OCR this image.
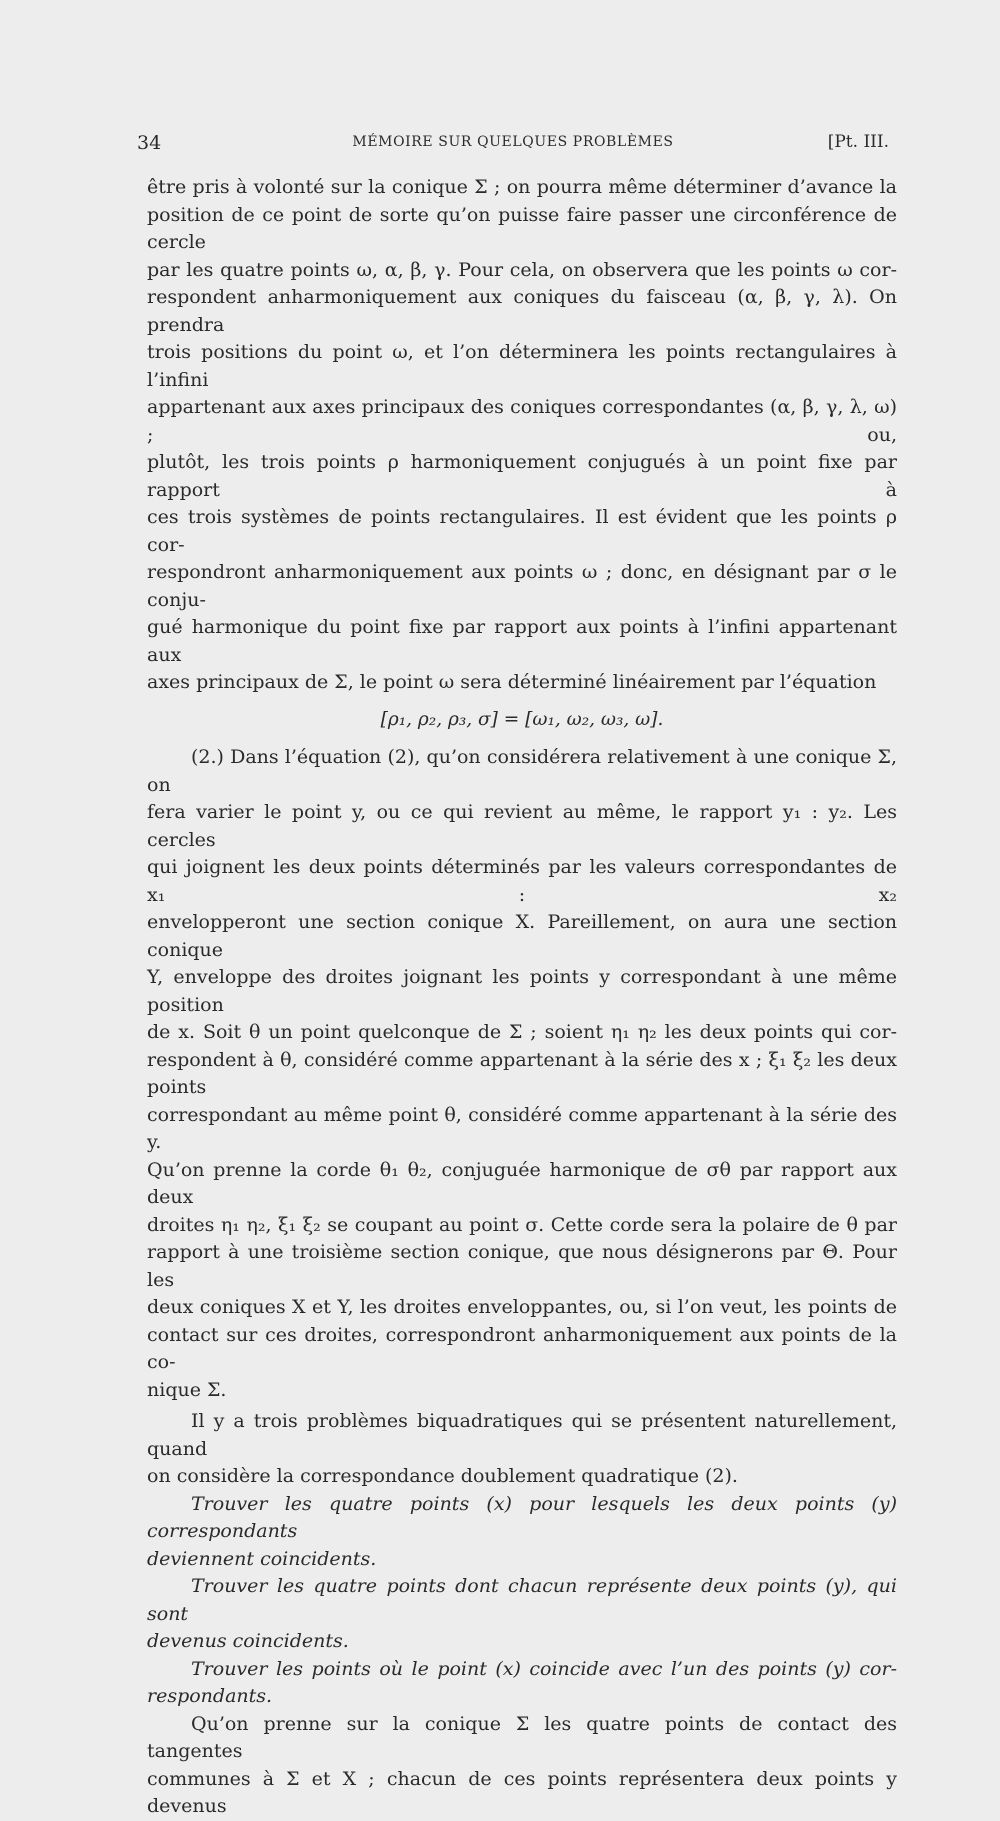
34	MÉMOIRE SUR QUELQUES PROBLÈMES	[Pt. III.
être pris à volonté sur la conique Σ ; on pourra même déterminer d’avance la
position de ce point de sorte qu’on puisse faire passer une circonférence de cercle
par les quatre points ω, α, β, γ. Pour cela, on observera que les points ω cor-
respondent anharmoniquement aux coniques du faisceau (α, β, γ, λ). On prendra
trois positions du point ω, et l’on déterminera les points rectangulaires à l’infini
appartenant aux axes principaux des coniques correspondantes (α, β, γ, λ, ω) ; ou,
plutôt, les trois points ρ harmoniquement conjugués à un point fixe par rapport à
ces trois systèmes de points rectangulaires. Il est évident que les points ρ cor-
respondront anharmoniquement aux points ω ; donc, en désignant par σ le conju-
gué harmonique du point fixe par rapport aux points à l’infini appartenant aux
axes principaux de Σ, le point ω sera déterminé linéairement par l’équation
[ρ₁, ρ₂, ρ₃, σ] = [ω₁, ω₂, ω₃, ω].
(2.) Dans l’équation (2), qu’on considérera relativement à une conique Σ, on
fera varier le point y, ou ce qui revient au même, le rapport y₁ : y₂. Les cercles
qui joignent les deux points déterminés par les valeurs correspondantes de x₁ : x₂
envelopperont une section conique X. Pareillement, on aura une section conique
Y, enveloppe des droites joignant les points y correspondant à une même position
de x. Soit θ un point quelconque de Σ ; soient η₁ η₂ les deux points qui cor-
respondent à θ, considéré comme appartenant à la série des x ; ξ₁ ξ₂ les deux points
correspondant au même point θ, considéré comme appartenant à la série des y.
Qu’on prenne la corde θ₁ θ₂, conjuguée harmonique de σθ par rapport aux deux
droites η₁ η₂, ξ₁ ξ₂ se coupant au point σ. Cette corde sera la polaire de θ par
rapport à une troisième section conique, que nous désignerons par Θ. Pour les
deux coniques X et Y, les droites enveloppantes, ou, si l’on veut, les points de
contact sur ces droites, correspondront anharmoniquement aux points de la co-
nique Σ.
Il y a trois problèmes biquadratiques qui se présentent naturellement, quand
on considère la correspondance doublement quadratique (2).
Trouver les quatre points (x) pour lesquels les deux points (y) correspondants
deviennent coincidents.
Trouver les quatre points dont chacun représente deux points (y), qui sont
devenus coincidents.
Trouver les points où le point (x) coincide avec l’un des points (y) cor-
respondants.
Qu’on prenne sur la conique Σ les quatre points de contact des tangentes
communes à Σ et X ; chacun de ces points représentera deux points y devenus
